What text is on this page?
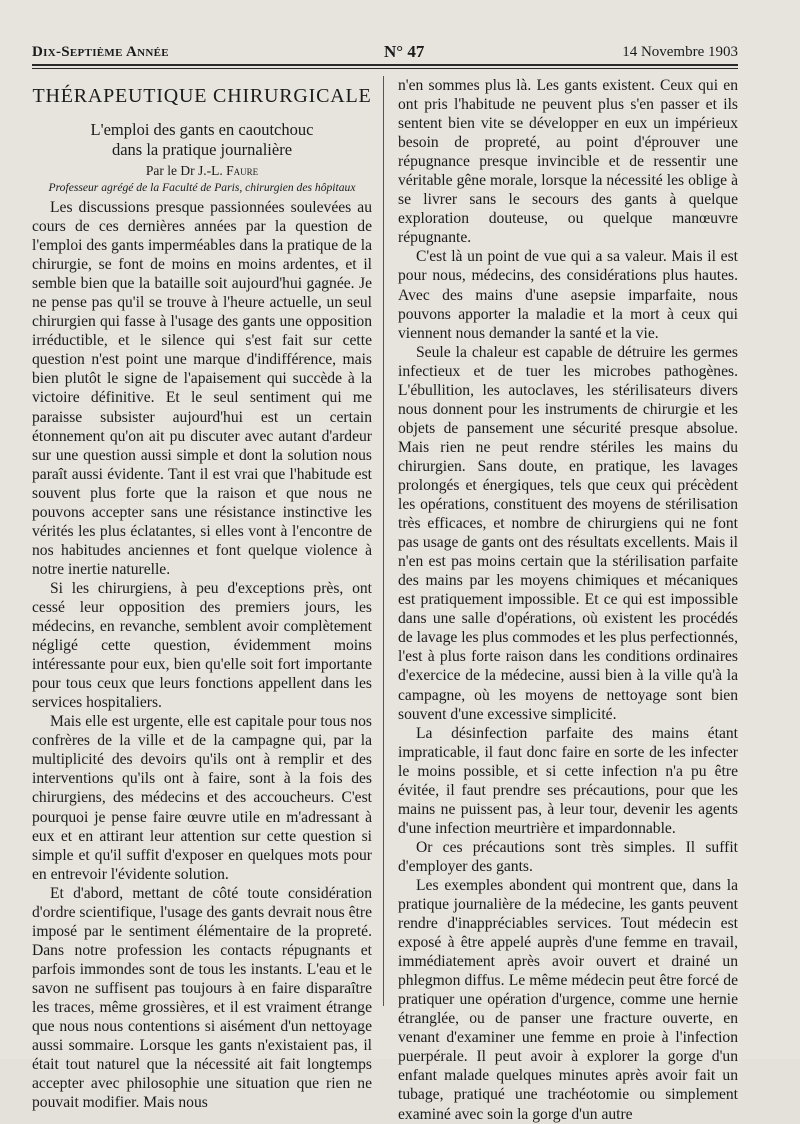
Dix-Septième Année	N° 47	14 Novembre 1903
THÉRAPEUTIQUE CHIRURGICALE
L'emploi des gants en caoutchouc
dans la pratique journalière
Par le Dr J.-L. Faure
Professeur agrégé de la Faculté de Paris, chirurgien des hôpitaux

Les discussions presque passionnées soulevées au cours de ces dernières années par la question de l'emploi des gants imperméables dans la pratique de la chirurgie, se font de moins en moins ardentes, et il semble bien que la bataille soit aujourd'hui gagnée. Je ne pense pas qu'il se trouve à l'heure actuelle, un seul chirurgien qui fasse à l'usage des gants une opposition irréductible, et le silence qui s'est fait sur cette question n'est point une marque d'indifférence, mais bien plutôt le signe de l'apaisement qui succède à la victoire définitive. Et le seul sentiment qui me paraisse subsister aujourd'hui est un certain étonnement qu'on ait pu discuter avec autant d'ardeur sur une question aussi simple et dont la solution nous paraît aussi évidente. Tant il est vrai que l'habitude est souvent plus forte que la raison et que nous ne pouvons accepter sans une résistance instinctive les vérités les plus éclatantes, si elles vont à l'encontre de nos habitudes anciennes et font quelque violence à notre inertie naturelle.

Si les chirurgiens, à peu d'exceptions près, ont cessé leur opposition des premiers jours, les médecins, en revanche, semblent avoir complètement négligé cette question, évidemment moins intéressante pour eux, bien qu'elle soit fort importante pour tous ceux que leurs fonctions appellent dans les services hospitaliers.

Mais elle est urgente, elle est capitale pour tous nos confrères de la ville et de la campagne qui, par la multiplicité des devoirs qu'ils ont à remplir et des interventions qu'ils ont à faire, sont à la fois des chirurgiens, des médecins et des accoucheurs. C'est pourquoi je pense faire œuvre utile en m'adressant à eux et en attirant leur attention sur cette question si simple et qu'il suffit d'exposer en quelques mots pour en entrevoir l'évidente solution.

Et d'abord, mettant de côté toute considération d'ordre scientifique, l'usage des gants devrait nous être imposé par le sentiment élémentaire de la propreté. Dans notre profession les contacts répugnants et parfois immondes sont de tous les instants. L'eau et le savon ne suffisent pas toujours à en faire disparaître les traces, même grossières, et il est vraiment étrange que nous nous contentions si aisément d'un nettoyage aussi sommaire. Lorsque les gants n'existaient pas, il était tout naturel que la nécessité ait fait longtemps accepter avec philosophie une situation que rien ne pouvait modifier. Mais nous

n'en sommes plus là. Les gants existent. Ceux qui en ont pris l'habitude ne peuvent plus s'en passer et ils sentent bien vite se développer en eux un impérieux besoin de propreté, au point d'éprouver une répugnance presque invincible et de ressentir une véritable gêne morale, lorsque la nécessité les oblige à se livrer sans le secours des gants à quelque exploration douteuse, ou quelque manœuvre répugnante.

C'est là un point de vue qui a sa valeur. Mais il est pour nous, médecins, des considérations plus hautes. Avec des mains d'une asepsie imparfaite, nous pouvons apporter la maladie et la mort à ceux qui viennent nous demander la santé et la vie.

Seule la chaleur est capable de détruire les germes infectieux et de tuer les microbes pathogènes. L'ébullition, les autoclaves, les stérilisateurs divers nous donnent pour les instruments de chirurgie et les objets de pansement une sécurité presque absolue. Mais rien ne peut rendre stériles les mains du chirurgien. Sans doute, en pratique, les lavages prolongés et énergiques, tels que ceux qui précèdent les opérations, constituent des moyens de stérilisation très efficaces, et nombre de chirurgiens qui ne font pas usage de gants ont des résultats excellents. Mais il n'en est pas moins certain que la stérilisation parfaite des mains par les moyens chimiques et mécaniques est pratiquement impossible. Et ce qui est impossible dans une salle d'opérations, où existent les procédés de lavage les plus commodes et les plus perfectionnés, l'est à plus forte raison dans les conditions ordinaires d'exercice de la médecine, aussi bien à la ville qu'à la campagne, où les moyens de nettoyage sont bien souvent d'une excessive simplicité.

La désinfection parfaite des mains étant impraticable, il faut donc faire en sorte de les infecter le moins possible, et si cette infection n'a pu être évitée, il faut prendre ses précautions, pour que les mains ne puissent pas, à leur tour, devenir les agents d'une infection meurtrière et impardonnable.

Or ces précautions sont très simples. Il suffit d'employer des gants.

Les exemples abondent qui montrent que, dans la pratique journalière de la médecine, les gants peuvent rendre d'inappréciables services. Tout médecin est exposé à être appelé auprès d'une femme en travail, immédiatement après avoir ouvert et drainé un phlegmon diffus. Le même médecin peut être forcé de pratiquer une opération d'urgence, comme une hernie étranglée, ou de panser une fracture ouverte, en venant d'examiner une femme en proie à l'infection puerpérale. Il peut avoir à explorer la gorge d'un enfant malade quelques minutes après avoir fait un tubage, pratiqué une trachéotomie ou simplement examiné avec soin la gorge d'un autre
